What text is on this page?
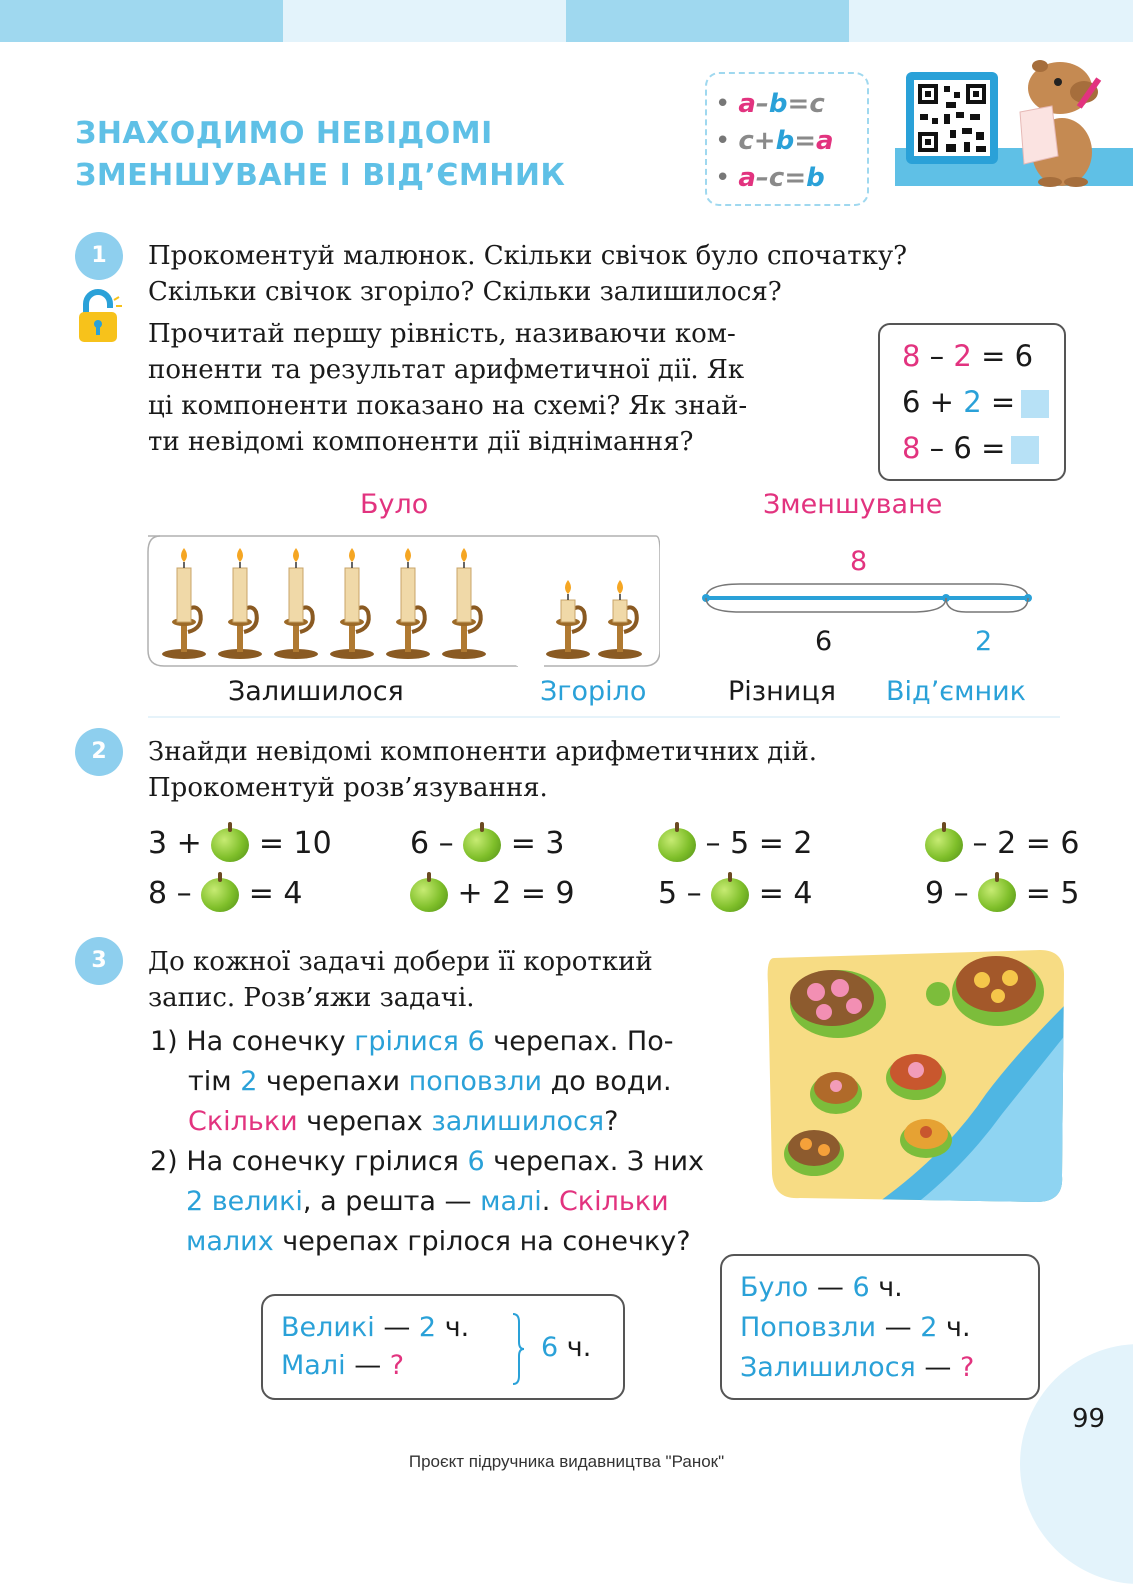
ЗНАХОДИМО НЕВІДОМІ
ЗМЕНШУВАНЕ І ВІД’ЄМНИК
• a–b=c
• c+b=a
• a–c=b
1	Прокоментуй малюнок. Скільки свічок було спочатку?
Скільки свічок згоріло? Скільки залишилося?
Прочитай першу рівність, називаючи ком-
поненти та результат арифметичної дії. Як
ці компоненти показано на схемі? Як знай-
ти невідомі компоненти дії віднімання?
8 – 2 = 6
6 + 2 =
8 – 6 =
Було
Залишилося	Згоріло
Зменшуване
8
6	2
Різниця Від’ємник
2	Знайди невідомі компоненти арифметичних дій.
Прокоментуй розв’язування.
3 +  = 10	6 –  = 3	– 5 = 2	– 2 = 6
8 –  = 4	+ 2 = 9	5 –  = 4	9 –  = 5
3	До кожної задачі добери її короткий
запис. Розв’яжи задачі.
1) На сонечку грілися 6 черепах. По-
тім 2 черепахи поповзли до води.
Скільки черепах залишилося?
2) На сонечку грілися 6 черепах. З них
2 великі, а решта — малі. Скільки
малих черепах грілося на сонечку?
Великі — 2 ч.
Малі — ?
6 ч.
Було — 6 ч.
Поповзли — 2 ч.
Залишилося — ?
99
Проєкт підручника видавництва "Ранок"
